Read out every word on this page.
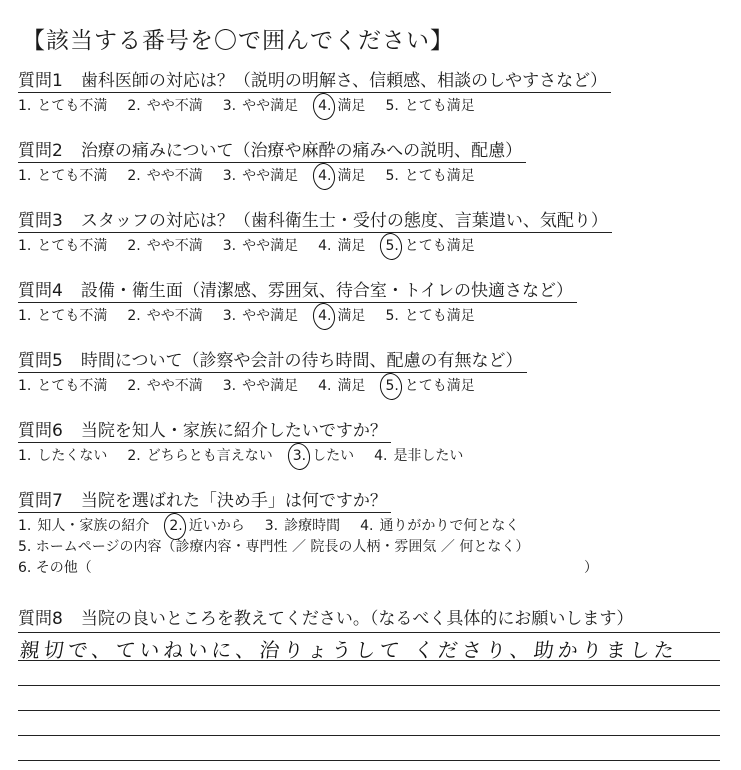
【該当する番号を〇で囲んでください】
質問1 歯科医師の対応は？（説明の明解さ、信頼感、相談のしやすさなど）
1. とても不満 2. やや不満 3. やや満足 4. 満足 5. とても満足
質問2 治療の痛みについて（治療や麻酔の痛みへの説明、配慮）
1. とても不満 2. やや不満 3. やや満足 4. 満足 5. とても満足
質問3 スタッフの対応は？（歯科衛生士・受付の態度、言葉遣い、気配り）
1. とても不満 2. やや不満 3. やや満足 4. 満足 5. とても満足
質問4 設備・衛生面（清潔感、雰囲気、待合室・トイレの快適さなど）
1. とても不満 2. やや不満 3. やや満足 4. 満足 5. とても満足
質問5 時間について（診察や会計の待ち時間、配慮の有無など）
1. とても不満 2. やや不満 3. やや満足 4. 満足 5. とても満足
質問6 当院を知人・家族に紹介したいですか？
1. したくない 2. どちらとも言えない 3. したい 4. 是非したい
質問7 当院を選ばれた「決め手」は何ですか？
1. 知人・家族の紹介 2. 近いから 3. 診療時間 4. 通りがかりで何となく
5. ホームページの内容（診療内容・専門性 ／ 院長の人柄・雰囲気 ／ 何となく）
6. その他（	）
質問8 当院の良いところを教えてください。（なるべく具体的にお願いします）
親切で、ていねいに、治りょうして くださり、助かりました
